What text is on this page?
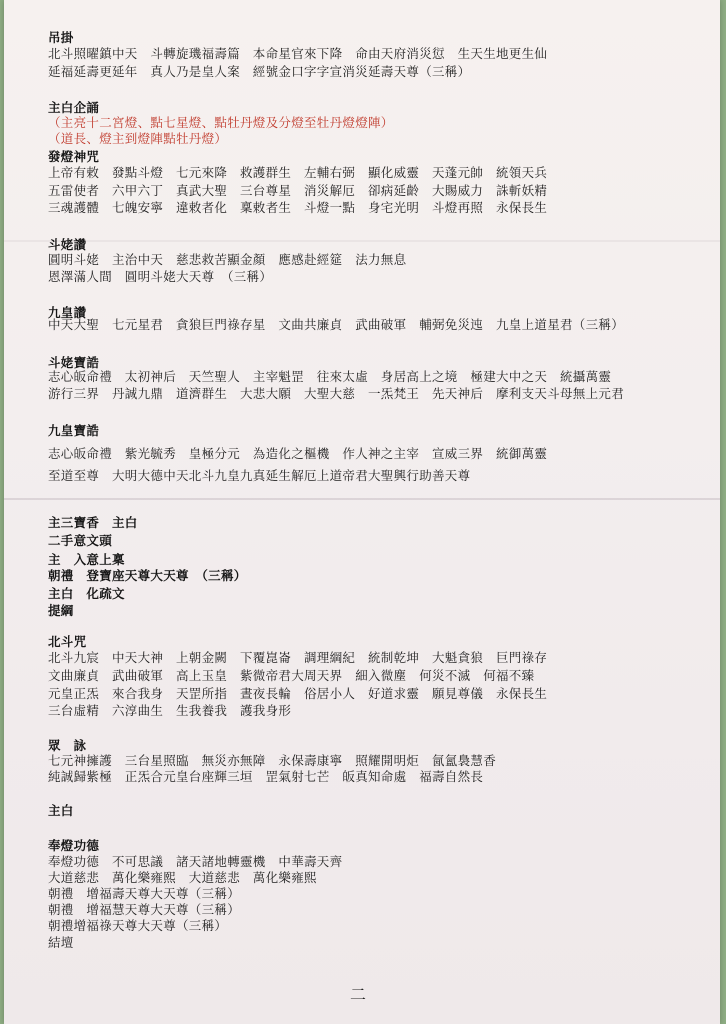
吊掛
北斗照曜鎮中天　斗轉旋璣福壽篇　本命星官來下降　命由天府消災愆　生天生地更生仙
延福延壽更延年　真人乃是皇人案　經號金口字字宣消災延壽天尊（三稱）
主白企誦
（主亮十二宮燈、點七星燈、點牡丹燈及分燈至牡丹燈燈陣）
（道長、燈主到燈陣點牡丹燈）
發燈神咒
上帝有敕　發點斗燈　七元來降　救護群生　左輔右弼　顯化威靈　天蓬元帥　統領天兵
五雷使者　六甲六丁　真武大聖　三台尊星　消災解厄　卻病延齡　大賜威力　誅斬妖精
三魂護體　七魄安寧　違敕者化　稟敕者生　斗燈一點　身宅光明　斗燈再照　永保長生
斗姥讚
圓明斗姥　主治中天　慈悲救苦顯金顏　應感赴經筵　法力無息
恩澤滿人間　圓明斗姥大天尊　（三稱）
九皇讚
中天大聖　七元星君　貪狼巨門祿存星　文曲共廉貞　武曲破軍　輔弼免災迍　九皇上道星君（三稱）
斗姥寶誥
志心皈命禮　太初神后　天竺聖人　主宰魁罡　往來太虛　身居高上之境　極建大中之天　統攝萬靈
游行三界　丹誠九鼎　道濟群生　大悲大願　大聖大慈　一炁梵王　先天神后　摩利支天斗母無上元君
九皇寶誥
志心皈命禮　紫光毓秀　皇極分元　為造化之樞機　作人神之主宰　宣威三界　統御萬靈
至道至尊　大明大德中天北斗九皇九真延生解厄上道帝君大聖興行助善天尊
主三寶香　主白
二手意文頭
主　入意上稟
朝禮　登寶座天尊大天尊　（三稱）
主白　化疏文
提綱
北斗咒
北斗九宸　中天大神　上朝金闕　下覆崑崙　調理綱紀　統制乾坤　大魁貪狼　巨門祿存
文曲廉貞　武曲破軍　高上玉皇　紫微帝君大周天界　細入微塵　何災不滅　何福不臻
元皇正炁　來合我身　天罡所指　晝夜長輪　俗居小人　好道求靈　願見尊儀　永保長生
三台虛精　六淳曲生　生我養我　護我身形
眾　詠
七元神擁護　三台星照臨　無災亦無障　永保壽康寧　照耀開明炬　氤氳裊慧香
純誠歸紫極　正炁合元皇台座輝三垣　罡氣射七芒　皈真知命處　福壽自然長
主白
奉燈功德
奉燈功德　不可思議　諸天諸地轉靈機　中華壽天齊
大道慈悲　萬化樂雍熙　大道慈悲　萬化樂雍熙
朝禮　增福壽天尊大天尊（三稱）
朝禮　增福慧天尊大天尊（三稱）
朝禮增福祿天尊大天尊（三稱）
結壇
二
